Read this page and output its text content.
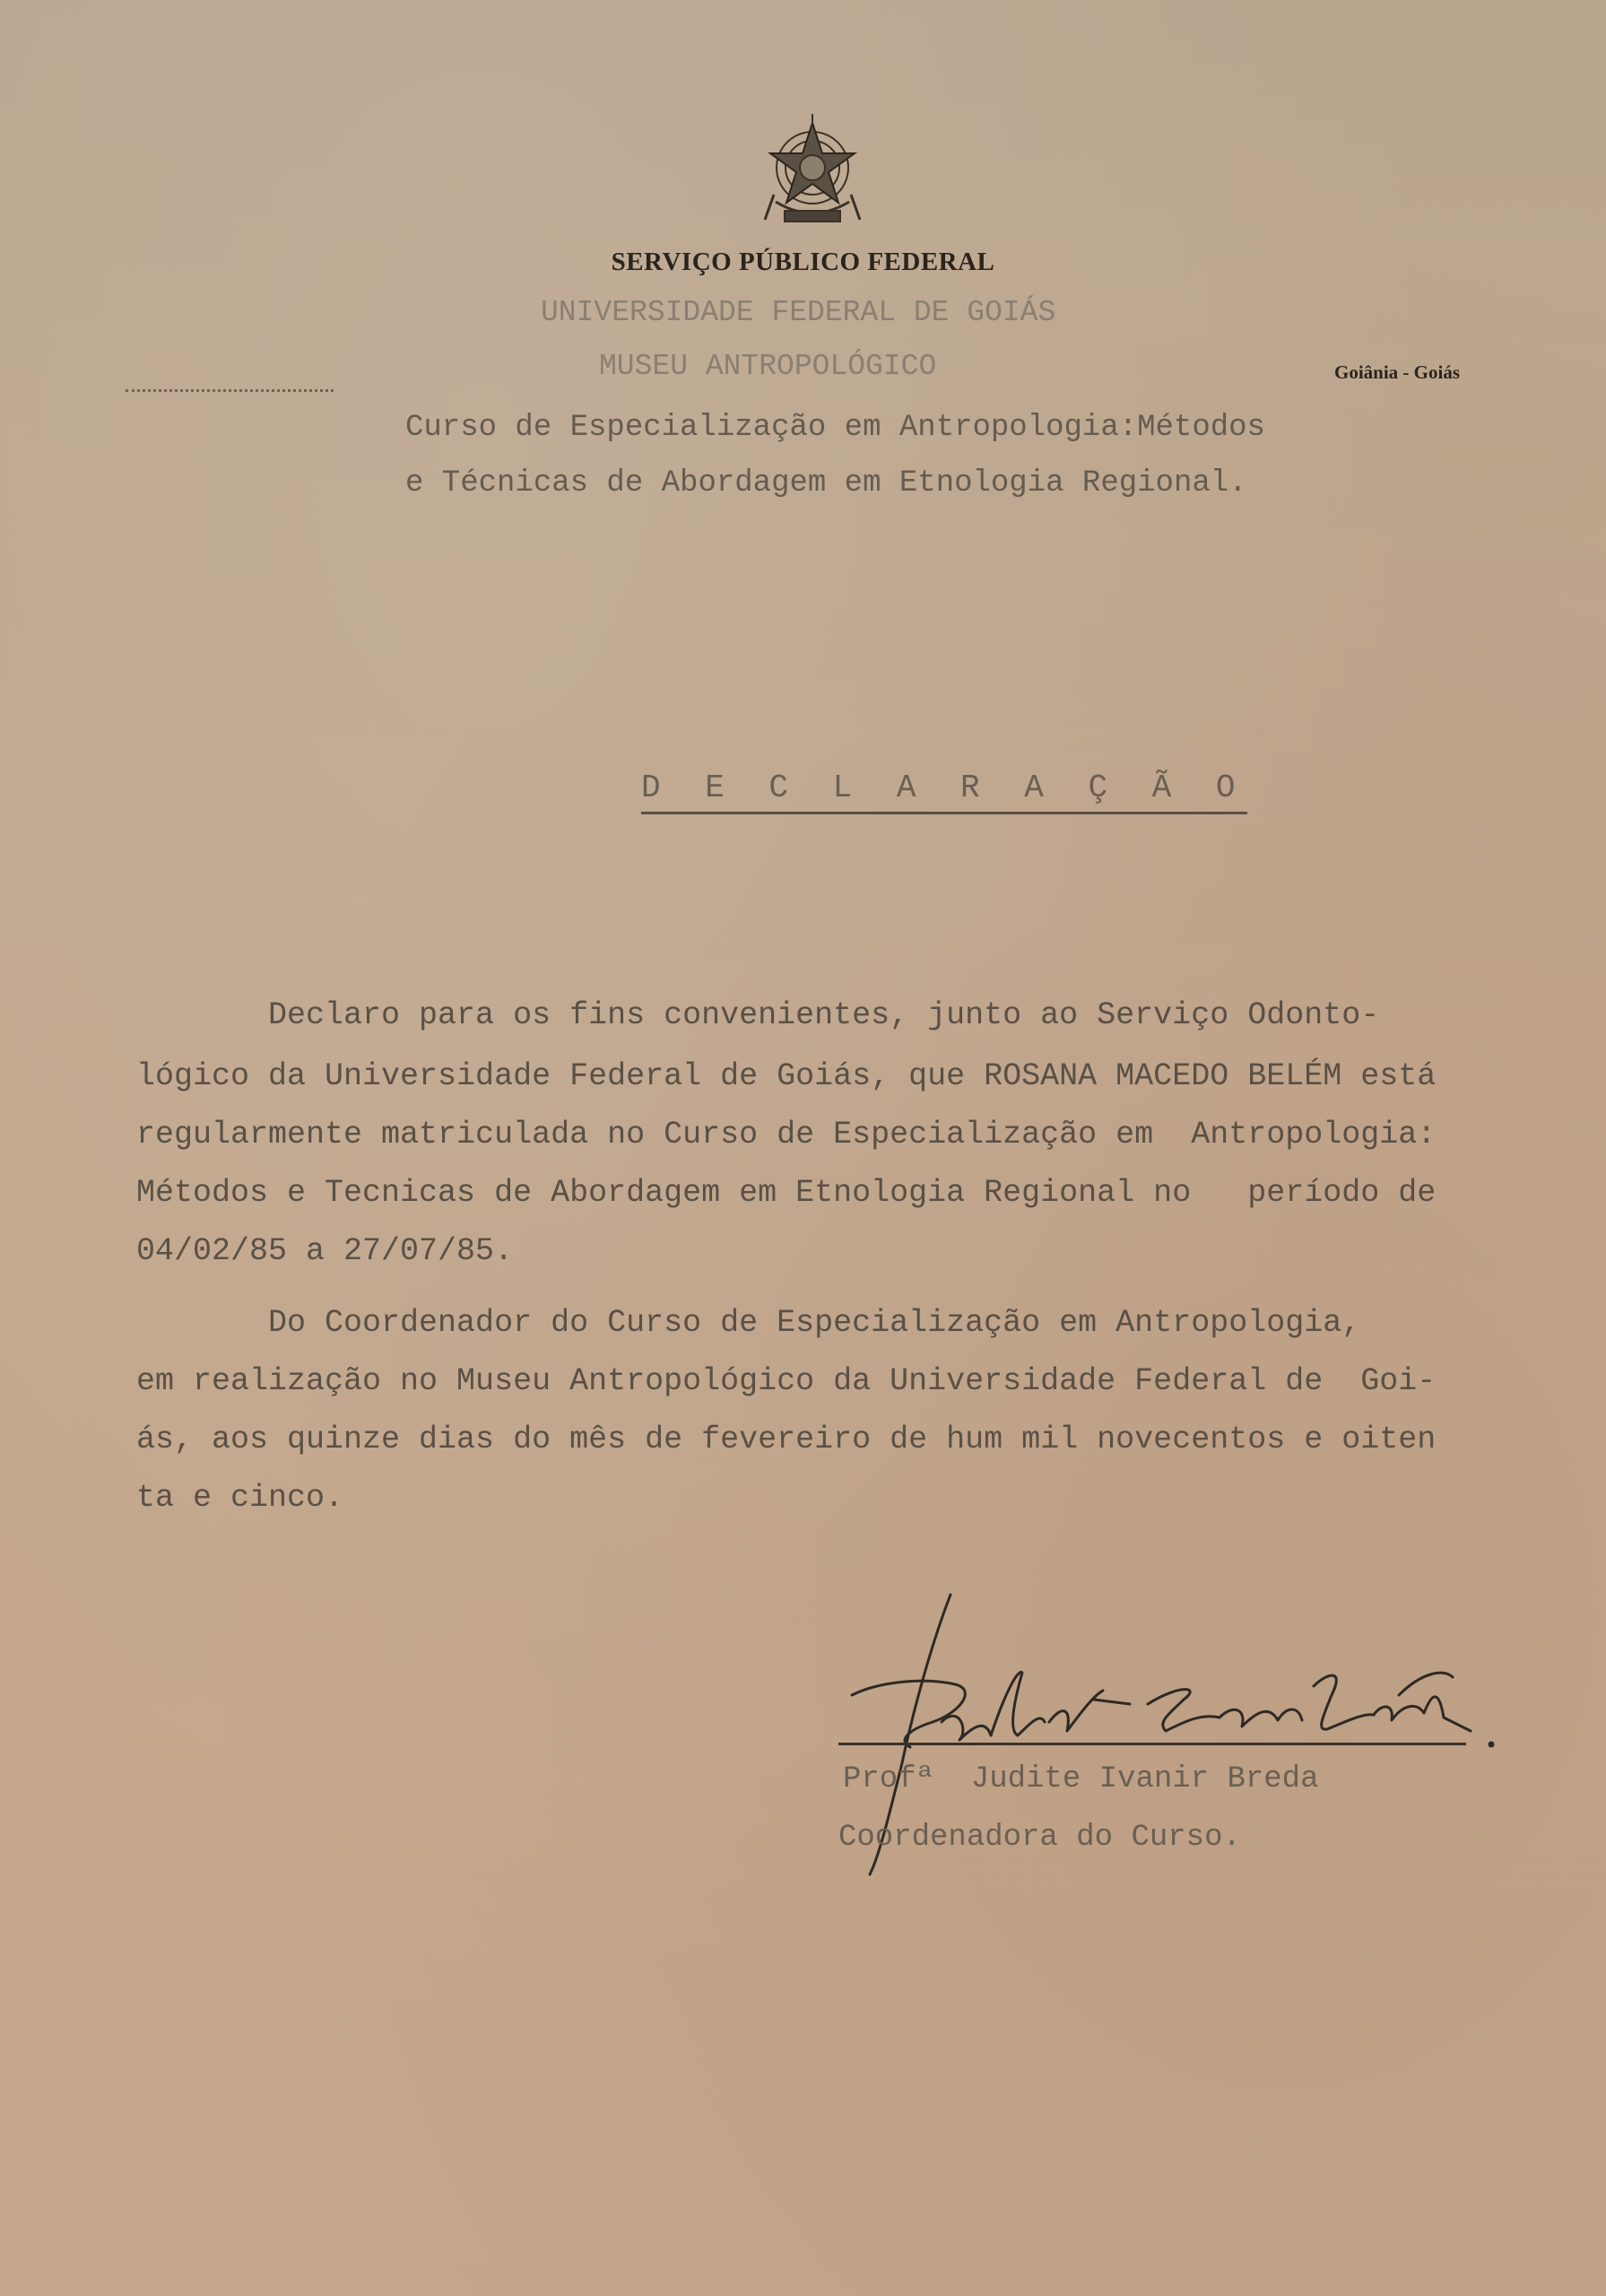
SERVIÇO PÚBLICO FEDERAL
UNIVERSIDADE FEDERAL DE GOIÁS
MUSEU ANTROPOLÓGICO	Goiânia - Goiás
Curso de Especialização em Antropologia:Métodos
e Técnicas de Abordagem em Etnologia Regional.
D E C L A R A Ç Ã O
Declaro para os fins convenientes, junto ao Serviço Odonto-
lógico da Universidade Federal de Goiás, que ROSANA MACEDO BELÉM está
regularmente matriculada no Curso de Especialização em  Antropologia:
Métodos e Tecnicas de Abordagem em Etnologia Regional no   período de
04/02/85 a 27/07/85.
Do Coordenador do Curso de Especialização em Antropologia,
em realização no Museu Antropológico da Universidade Federal de  Goi-
ás, aos quinze dias do mês de fevereiro de hum mil novecentos e oiten
ta e cinco.
Profª  Judite Ivanir Breda
Coordenadora do Curso.
